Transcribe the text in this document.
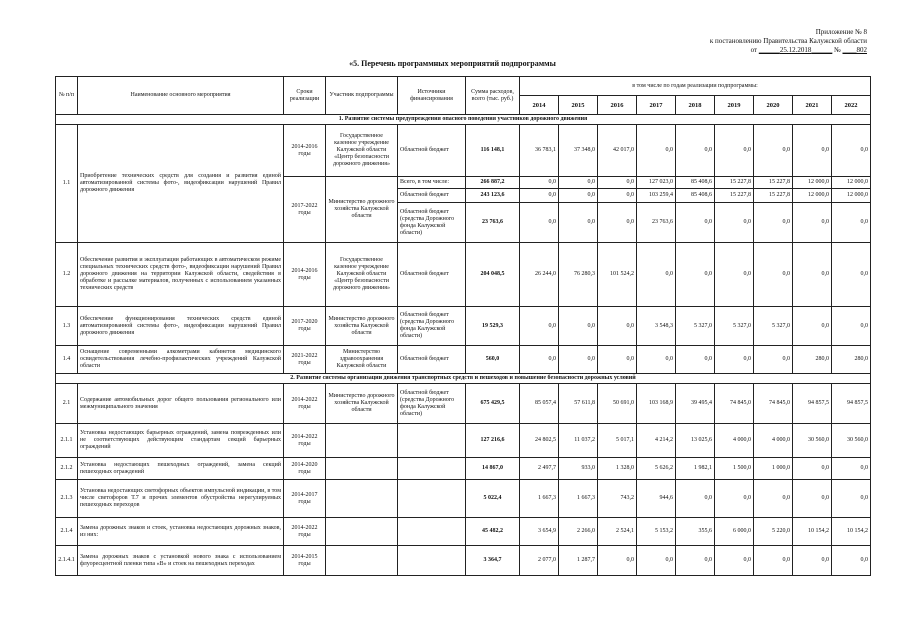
Приложение № 8
к постановлению Правительства Калужской области
от ______25.12.2018______ № ____802
«5. Перечень программных мероприятий подпрограммы
№ п/п	Наименование основного мероприятия	Сроки реализации	Участник подпрограммы	Источники финансирования	Сумма расходов, всего (тыс. руб.)	в том числе по годам реализации подпрограммы:								
						2014	2015	2016	2017	2018	2019	2020	2021	2022
1. Развитие системы предупреждения опасного поведения участников дорожного движения														
1.1	Приобретение технических средств для создания и развития единой автоматизированной системы фото-, видеофиксации нарушений Правил дорожного движения	2014-2016 годы	Государственное казенное учреждение Калужской области «Центр безопасности дорожного движения»	Областной бюджет	116 148,1	36 783,1	37 348,0	42 017,0	0,0	0,0	0,0	0,0	0,0	0,0
		2017-2022 годы	Министерство дорожного хозяйства Калужской области	Всего, в том числе:	266 887,2	0,0	0,0	0,0	127 023,0	85 408,6	15 227,8	15 227,8	12 000,0	12 000,0
				Областной бюджет	243 123,6	0,0	0,0	0,0	103 259,4	85 408,6	15 227,8	15 227,8	12 000,0	12 000,0
				Областной бюджет (средства Дорожного фонда Калужской области)	23 763,6	0,0	0,0	0,0	23 763,6	0,0	0,0	0,0	0,0	0,0
1.2	Обеспечение развития и эксплуатации работающих в автоматическом режиме специальных технических средств фото-, видеофиксации нарушений Правил дорожного движения на территории Калужской области, сведействия в обработке и рассылке материалов, полученных с использованием указанных технических средств	2014-2016 годы	Государственное казенное учреждение Калужской области «Центр безопасности дорожного движения»	Областной бюджет	204 048,5	26 244,0	76 280,3	101 524,2	0,0	0,0	0,0	0,0	0,0	0,0
1.3	Обеспечение функционирования технических средств единой автоматизированной системы фото-, видеофиксации нарушений Правил дорожного движения	2017-2020 годы	Министерство дорожного хозяйства Калужской области	Областной бюджет (средства Дорожного фонда Калужской области)	19 529,3	0,0	0,0	0,0	3 548,3	5 327,0	5 327,0	5 327,0	0,0	0,0
1.4	Оснащение современными алкометрами кабинетов медицинского освидетельствования лечебно-профилактических учреждений Калужской области	2021-2022 годы	Министерство здравоохранения Калужской области	Областной бюджет	560,0	0,0	0,0	0,0	0,0	0,0	0,0	0,0	280,0	280,0
2. Развитие системы организации движения транспортных средств и пешеходов и повышение безопасности дорожных условий														
2.1	Содержание автомобильных дорог общего пользования регионального или межмуниципального значения	2014-2022 годы	Министерство дорожного хозяйства Калужской области	Областной бюджет (средства Дорожного фонда Калужской области)	675 429,5	85 057,4	57 611,8	50 691,0	103 168,9	39 495,4	74 845,0	74 845,0	94 857,5	94 857,5
2.1.1	Установка недостающих барьерных ограждений, замена поврежденных или не соответствующих действующим стандартам секций барьерных ограждений	2014-2022 годы			127 216,6	24 802,5	11 037,2	5 017,1	4 214,2	13 025,6	4 000,0	4 000,0	30 560,0	30 560,0
2.1.2	Установка недостающих пешеходных ограждений, замена секций пешеходных ограждений	2014-2020 годы			14 867,0	2 497,7	933,0	1 328,0	5 626,2	1 982,1	1 500,0	1 000,0	0,0	0,0
2.1.3	Установка недостающих светофорных объектов импульсной индикации, в том числе светофоров Т.7 и прочих элементов обустройства нерегулируемых пешеходных переходов	2014-2017 годы			5 022,4	1 667,3	1 667,3	743,2	944,6	0,0	0,0	0,0	0,0	0,0
2.1.4	Замена дорожных знаков и стоек, установка недостающих дорожных знаков, из них:	2014-2022 годы			45 482,2	3 654,9	2 266,0	2 524,1	5 153,2	355,6	6 000,0	5 220,0	10 154,2	10 154,2
2.1.4.1	Замена дорожных знаков с установкой нового знака с использованием флуоресцентной пленки типа «В» и стоек на пешеходных переходах	2014-2015 годы			3 364,7	2 077,0	1 287,7	0,0	0,0	0,0	0,0	0,0	0,0	0,0
